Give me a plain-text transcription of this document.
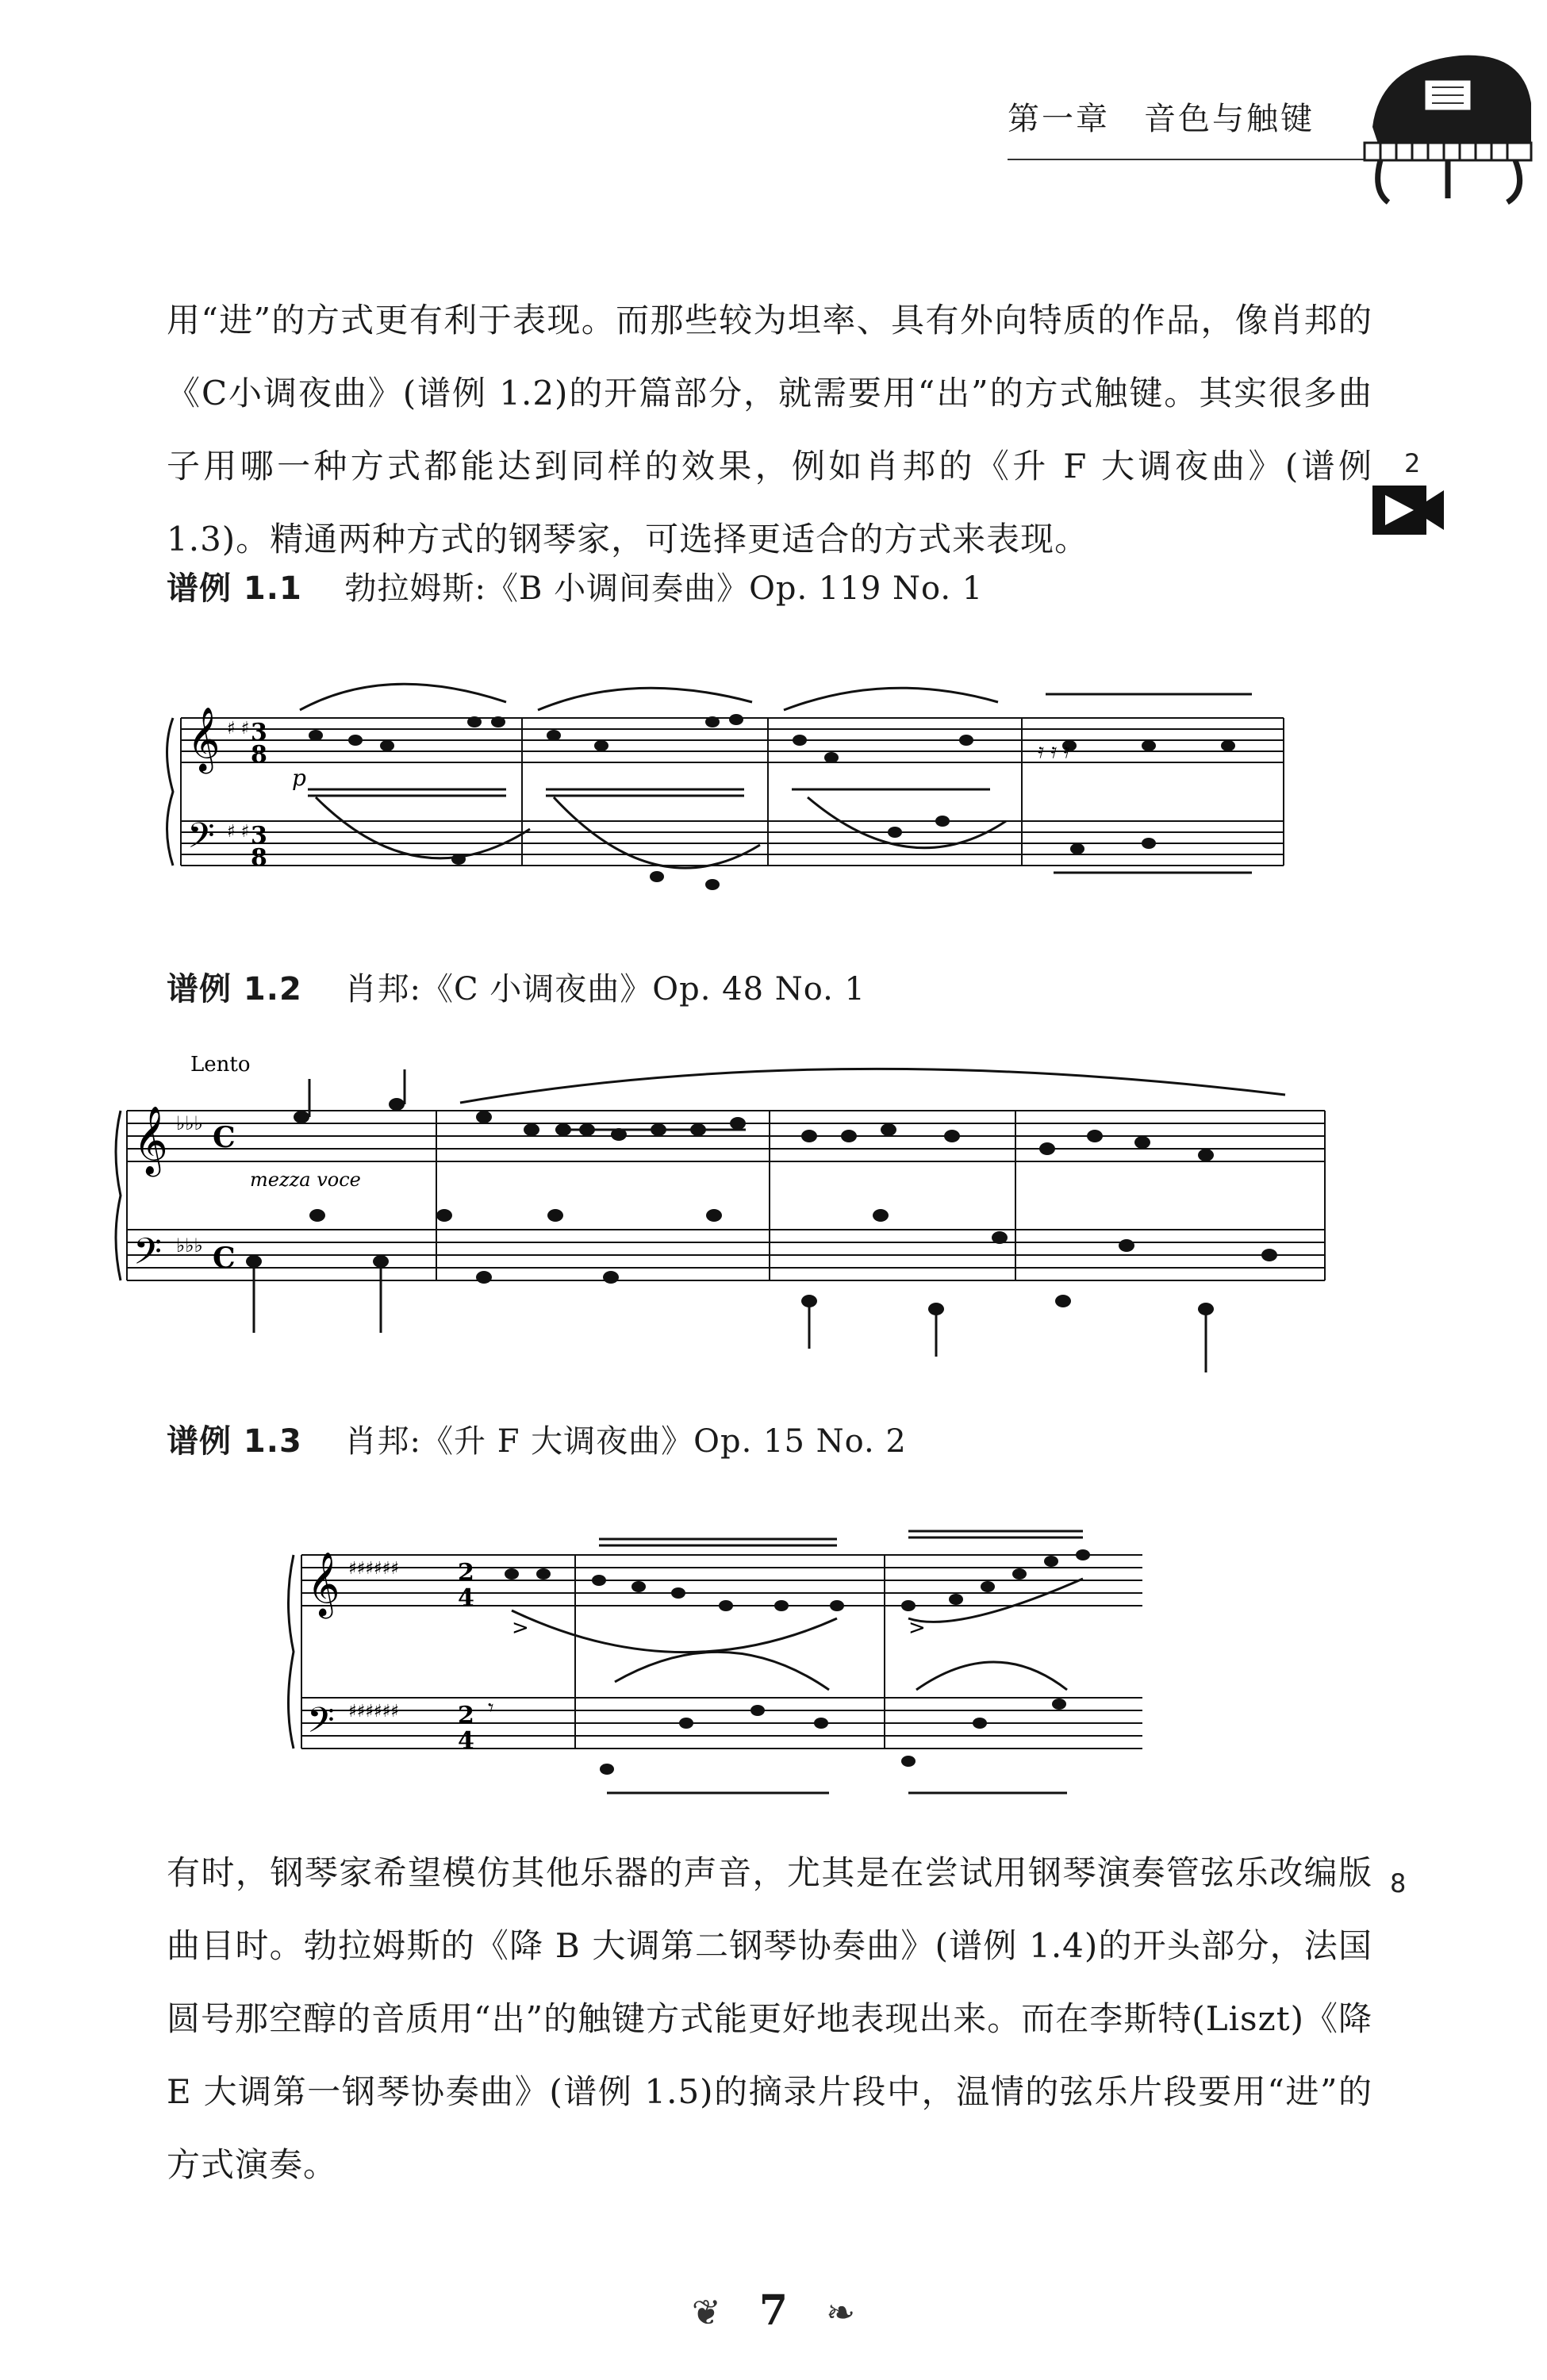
第一章　音色与触键
2
8

用“进”的方式更有利于表现。而那些较为坦率、具有外向特质的作品，像肖邦的《C小调夜曲》(谱例 1.2)的开篇部分，就需要用“出”的方式触键。其实很多曲子用哪一种方式都能达到同样的效果，例如肖邦的《升 F 大调夜曲》(谱例 1.3)。精通两种方式的钢琴家，可选择更适合的方式来表现。

谱例 1.1 勃拉姆斯:《B 小调间奏曲》Op. 119 No. 1
𝄞
𝄢
♯ ♯
♯ ♯
3
8
3
8
p
𝄿 𝄿 𝄿
谱例 1.2 肖邦:《C 小调夜曲》Op. 48 No. 1
Lento
𝄞
𝄢
♭♭♭
♭♭♭
C
C
mezza voce
谱例 1.3 肖邦:《升 F 大调夜曲》Op. 15 No. 2
𝄞
𝄢
♯♯♯♯♯♯
♯♯♯♯♯♯
2
4
2
4
>	>
𝄾

有时，钢琴家希望模仿其他乐器的声音，尤其是在尝试用钢琴演奏管弦乐改编版曲目时。勃拉姆斯的《降 B 大调第二钢琴协奏曲》(谱例 1.4)的开头部分，法国圆号那空醇的音质用“出”的触键方式能更好地表现出来。而在李斯特(Liszt)《降 E 大调第一钢琴协奏曲》(谱例 1.5)的摘录片段中，温情的弦乐片段要用“进”的方式演奏。

❦ 7 ❧
